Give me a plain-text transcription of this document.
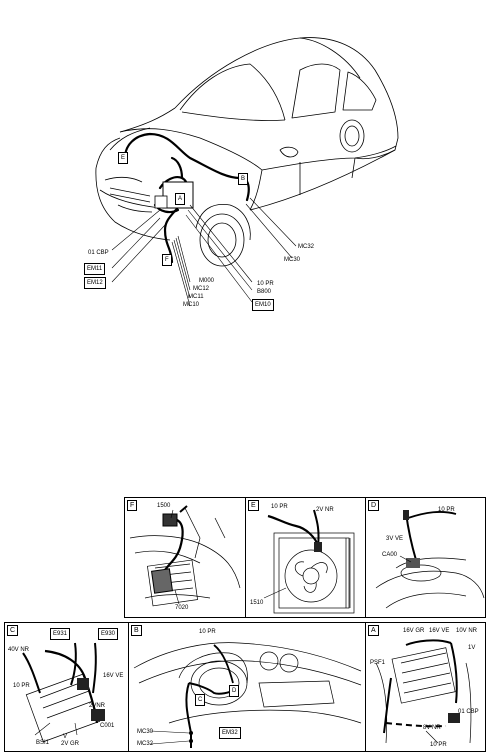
E
A
B
F
01 CBP
EM11
EM12	M000
MC12
MC11
MC10
10 PR
B800
EM10
MC32
MC30
F	1500
7020
E	10 PR	2V NR
1510
D
10 PR
3V VE
CA00
C	E931	E930
40V NR
10 PR
16V VE
2VNR
C001
BSI1
V
2V GR
B	10 PR
C
D
MC30	EM32
MC32
A	16V GR 16V VE 10V NR
PSF1
1V
01 CBP
8V NR
10 PR
